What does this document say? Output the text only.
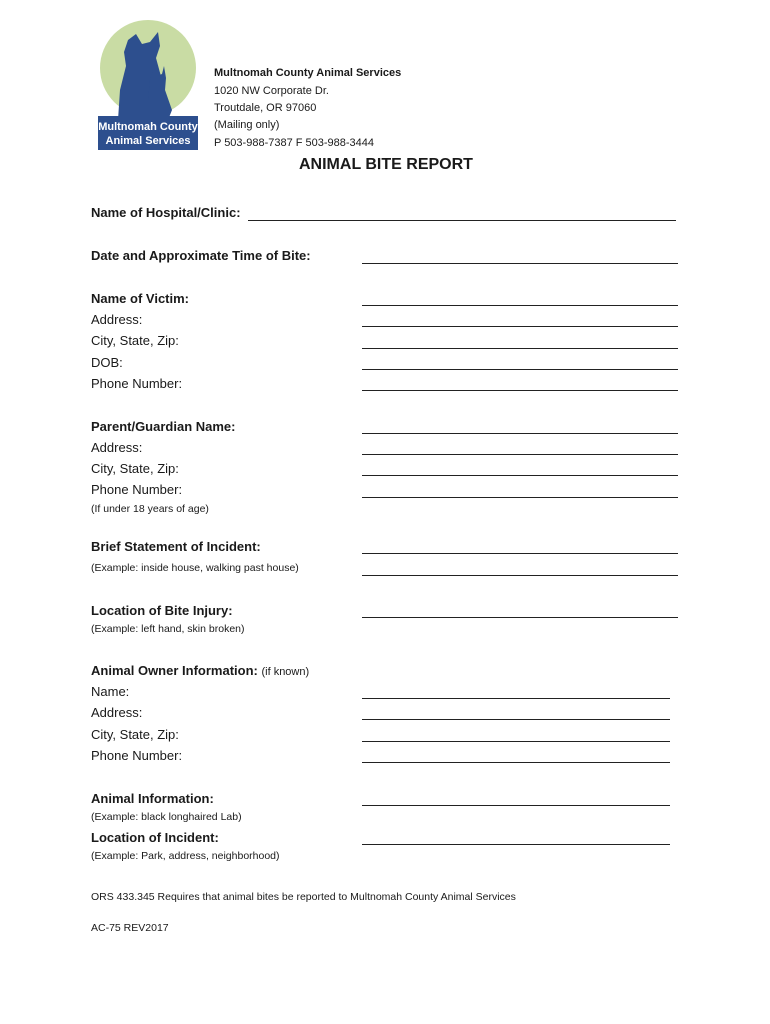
Multnomah County
Animal Services
Multnomah County Animal Services
1020 NW Corporate Dr.
Troutdale, OR 97060
(Mailing only)
P 503-988-7387 F 503-988-3444
ANIMAL BITE REPORT
Name of Hospital/Clinic:
Date and Approximate Time of Bite:
Name of Victim:
Address:
City, State, Zip:
DOB:
Phone Number:
Parent/Guardian Name:
Address:
City, State, Zip:
Phone Number:
(If under 18 years of age)
Brief Statement of Incident:
(Example: inside house, walking past house)
Location of Bite Injury:
(Example: left hand, skin broken)
Animal Owner Information: (if known)
Name:
Address:
City, State, Zip:
Phone Number:
Animal Information:
(Example: black longhaired Lab)
Location of Incident:
(Example: Park, address, neighborhood)
ORS 433.345 Requires that animal bites be reported to Multnomah County Animal Services
AC-75 REV2017
